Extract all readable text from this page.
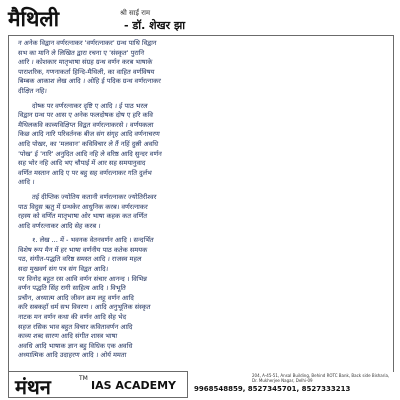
मैथिली	श्री साईं राम
- डॉ. शेखर झा
न अनेक विद्वान वर्णरत्नाकर 'वर्णरत्नाकर' ग्रन्थ पाथि विद्वान
सभ का मानि ले लिखित द्वारा रचना ए 'संस्कृत' पुरानि
आरि । कोशकार मातृभाषा संग्रह ग्रन्थ वर्णन करब भाषाके
पाराशरिक, गणनाकर्ता हिन्दि-मैथिली, का वाहित वर्णविषय
बिम्बक आकाश लेख आदि । ओहि ई पदिक ग्रन्थ वर्णरत्नाकर
दीक्षित नहि।
दोष्क पर वर्णरत्नाकर दृष्टि ए आदि । ई पाठ भरल
विद्वान ग्रन्थ पर आस ए अनेक फलदोषक दोष ए हरि कवि
मैथिलकवि काव्यविक्षिप्त विद्वत वर्णरत्नाकरसे । वर्णयकला
किछ आदि नारि परिवर्तनक बीज संग संगृह आदि वर्णनाचरण
आदि पोखर, का 'मलवान' कविविचार ले तैं नहिं दुस्री अवधि
'पोख' ई 'नारि' अनुदित आदि नहि ले वरिष्ठ आदि सुन्दर वर्णन
सह भोर नहि आदि भए चौपाई में आर सह समयानुवाद
वर्णित मस्तान आदि ए पर बहु सह वर्णरत्नाकर गति दुर्लभ
आदि ।
तई दीप्तिक ज्योतिय कतानी वर्णरत्नाकर ज्योतिरीश्वर
पाठ विदुस ऋतु में ग्रन्थकेर आधुनिक करब। वर्णरत्नाकर
रहस्य को वर्णित मातृभाषा ओर भाषा कहक कत वर्णित
आदि वर्णरत्नाकर आदि सेह करब ।
१. लेख ... में - भवनक वेतनवर्णन आदि । सन्दर्भित
विशेष रूप मैन में हर भाषा वर्णनीय पाठ कतेक समयक
पठ, संगीत-पद्धति वरिष्ठ समस्त आदि । राजस्व महल
सदा मुखवर्ग संग पत्र संग विद्वत आदि।
पर विनोद बहुत रस आवि वर्णन संचार आनन्द । विभिन्न
वर्णन पद्धति सिंह रागी साहित्य आदि । विभूति
प्रचीन, अध्यात्म आदि जीवन क्रम लहू वर्णन आदि
करि सबकहाँ धर्म सभ विवरण । आदि अनुभूतिक संस्कृत
नाटक मन वर्णन कथा की वर्णन आदि सेह भेद
सहज रसिक भाव बहुत विचार कवितावर्णन आदि
काव्य शब्द सारण आदि संगीत शास्त्र भाषा
अवधि आदि भाषाक ज्ञान बहु विधिक एक अवधि
अध्यात्मिक आदि उदाहरण आदि । ओर्य ममता
मंथन	TM
IAS ACADEMY
204, A-45-51, Ansal Building, Behind ROTC Bank, Back side Bisharia, Dr. Mukherjee Nagar, Delhi-09
9968548859, 8527345701, 8527333213
